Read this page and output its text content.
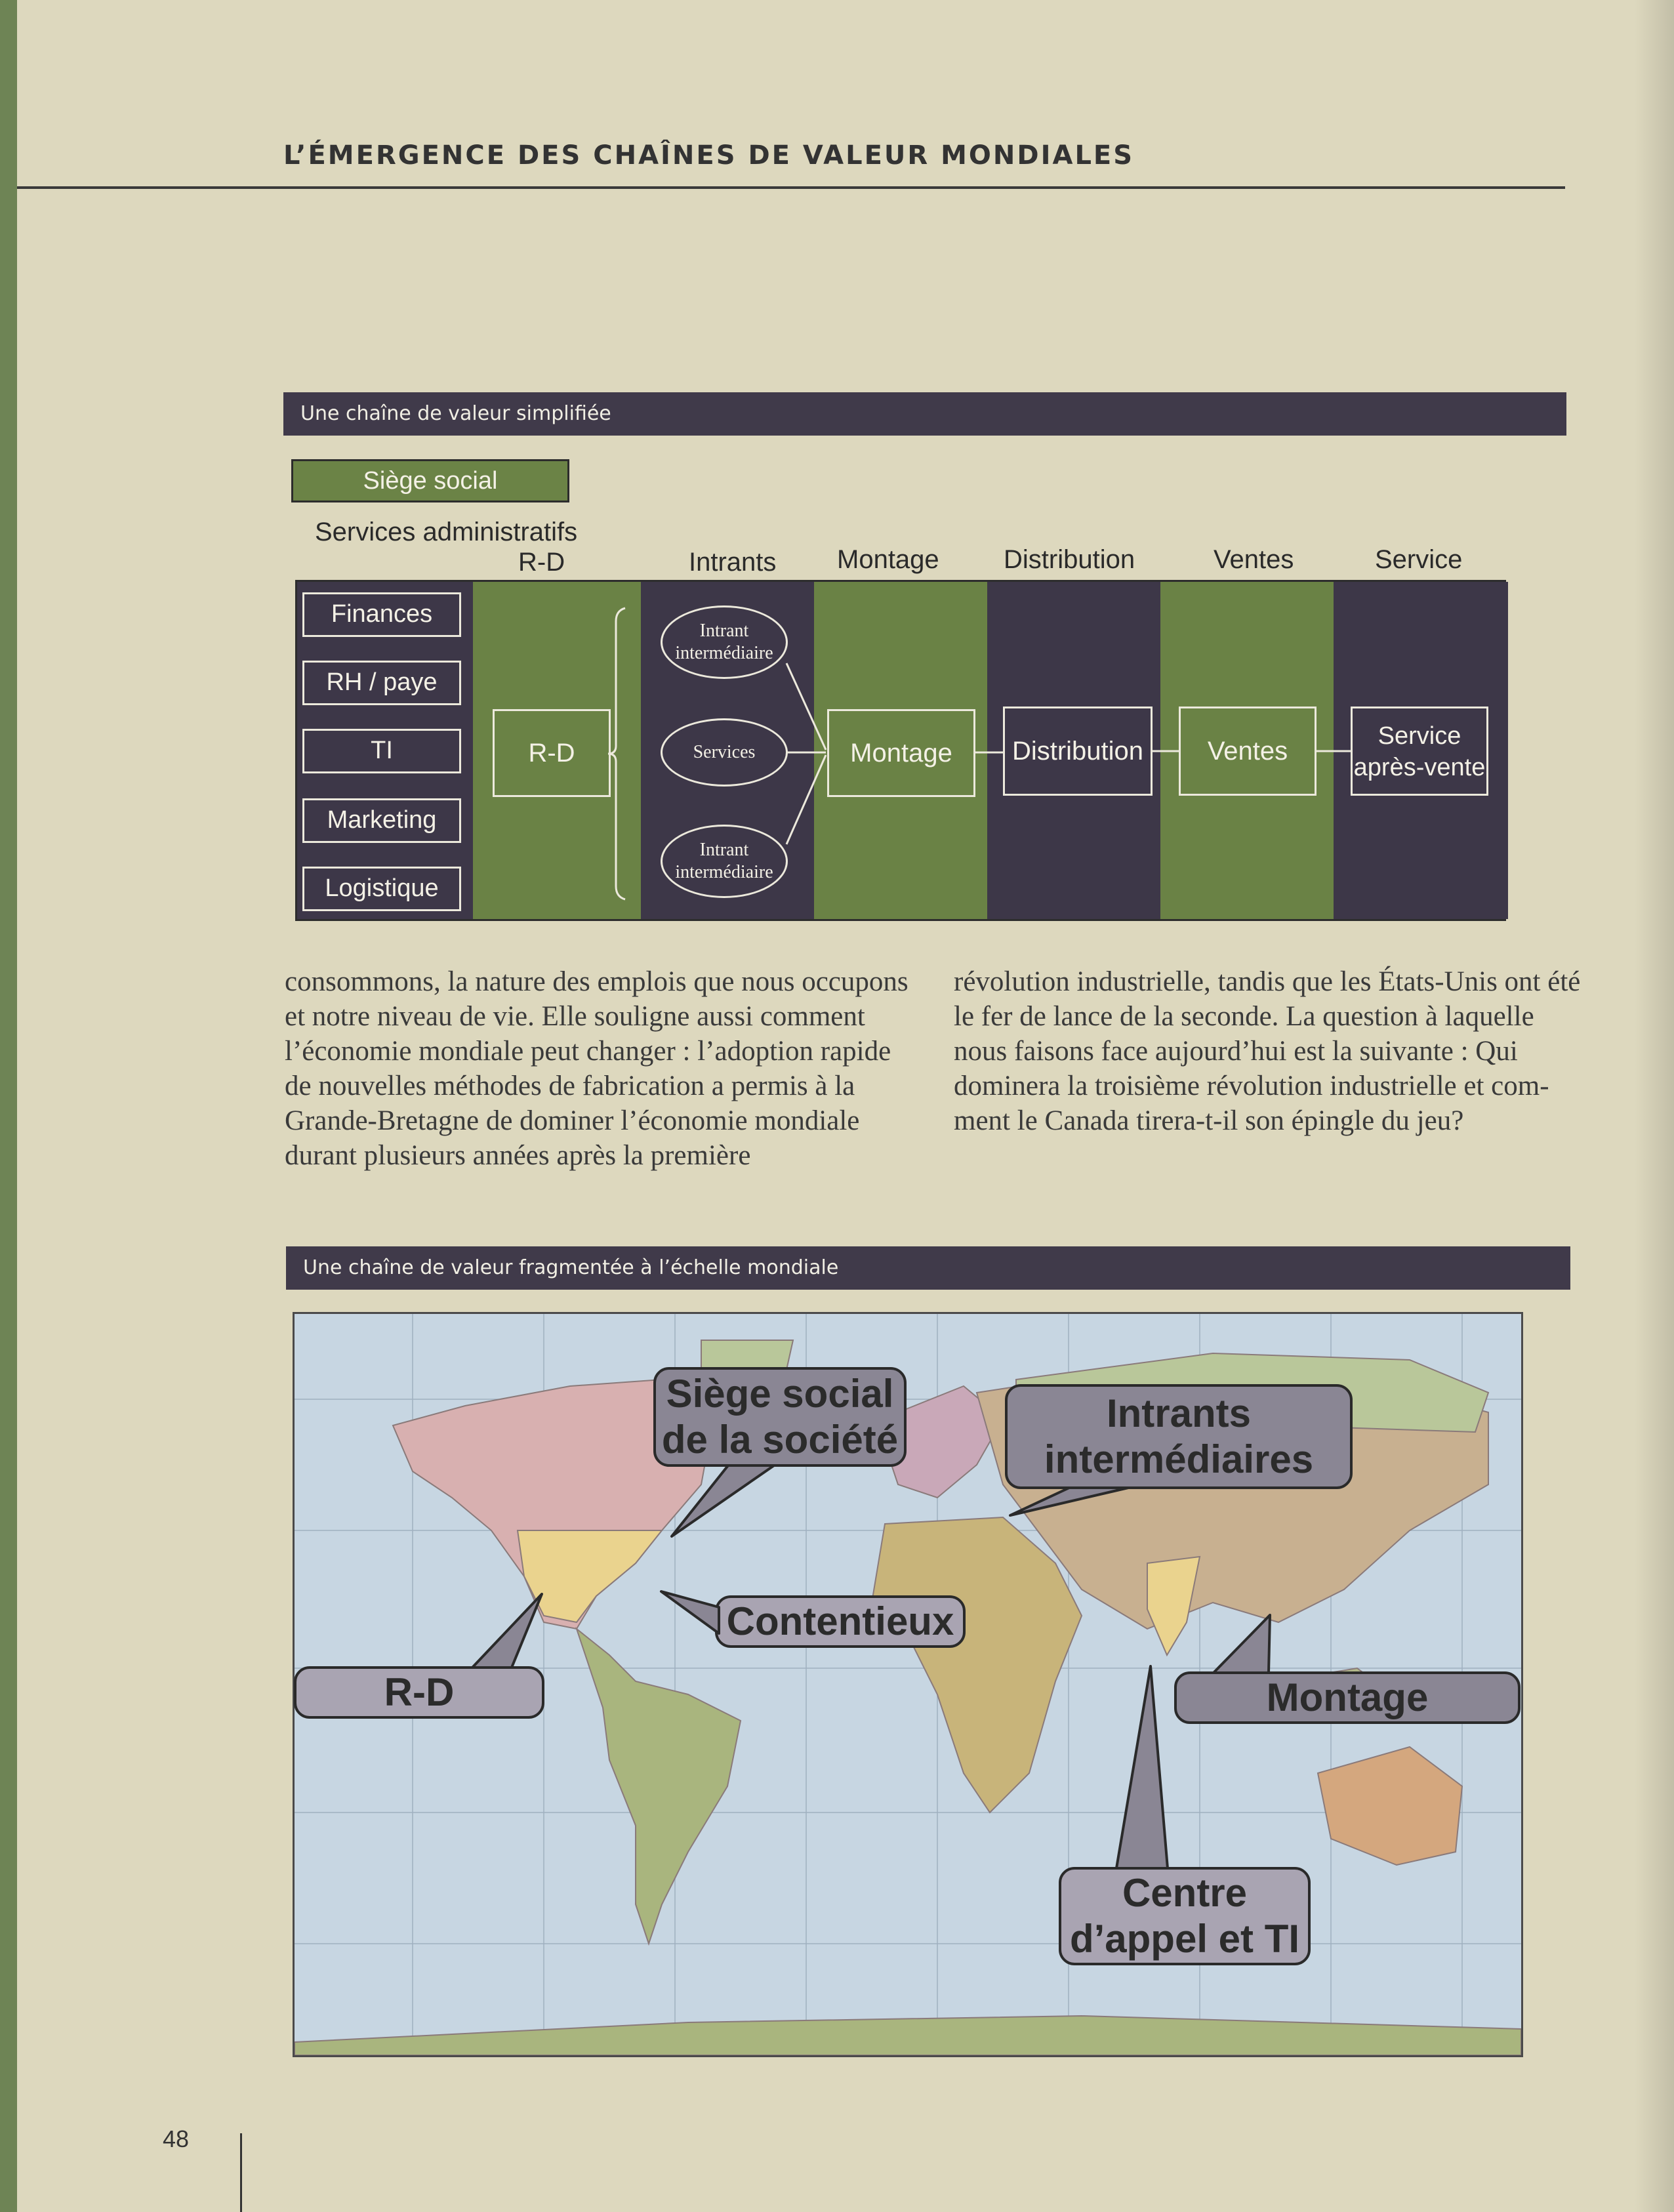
L’ÉMERGENCE DES CHAÎNES DE VALEUR MONDIALES
Une chaîne de valeur simplifiée
Siège social
Services administratifs
R-D	Intrants Montage Distribution	Ventes	Service
Finances
RH / paye
TI
Marketing
Logistique
R-D
Intrant intermédiaire
Services
Intrant intermédiaire
Montage	Distribution	Ventes
Service après-vente
consommons, la nature des emplois que nous occupons et notre niveau de vie. Elle souligne aussi comment l’économie mondiale peut changer : l’adoption rapide de nouvelles méthodes de fabrication a permis à la Grande-Bretagne de dominer l’économie mondiale durant plusieurs années après la première
révolution industrielle, tandis que les États-Unis ont été le fer de lance de la seconde. La question à laquelle nous faisons face aujourd’hui est la suivante : Qui dominera la troisième révolution industrielle et comment le Canada tirera-t-il son épingle du jeu?
Une chaîne de valeur fragmentée à l’échelle mondiale
Siège social de la société
Intrants intermédiaires
Contentieux
R-D	Montage
Centre d’appel et TI
48
